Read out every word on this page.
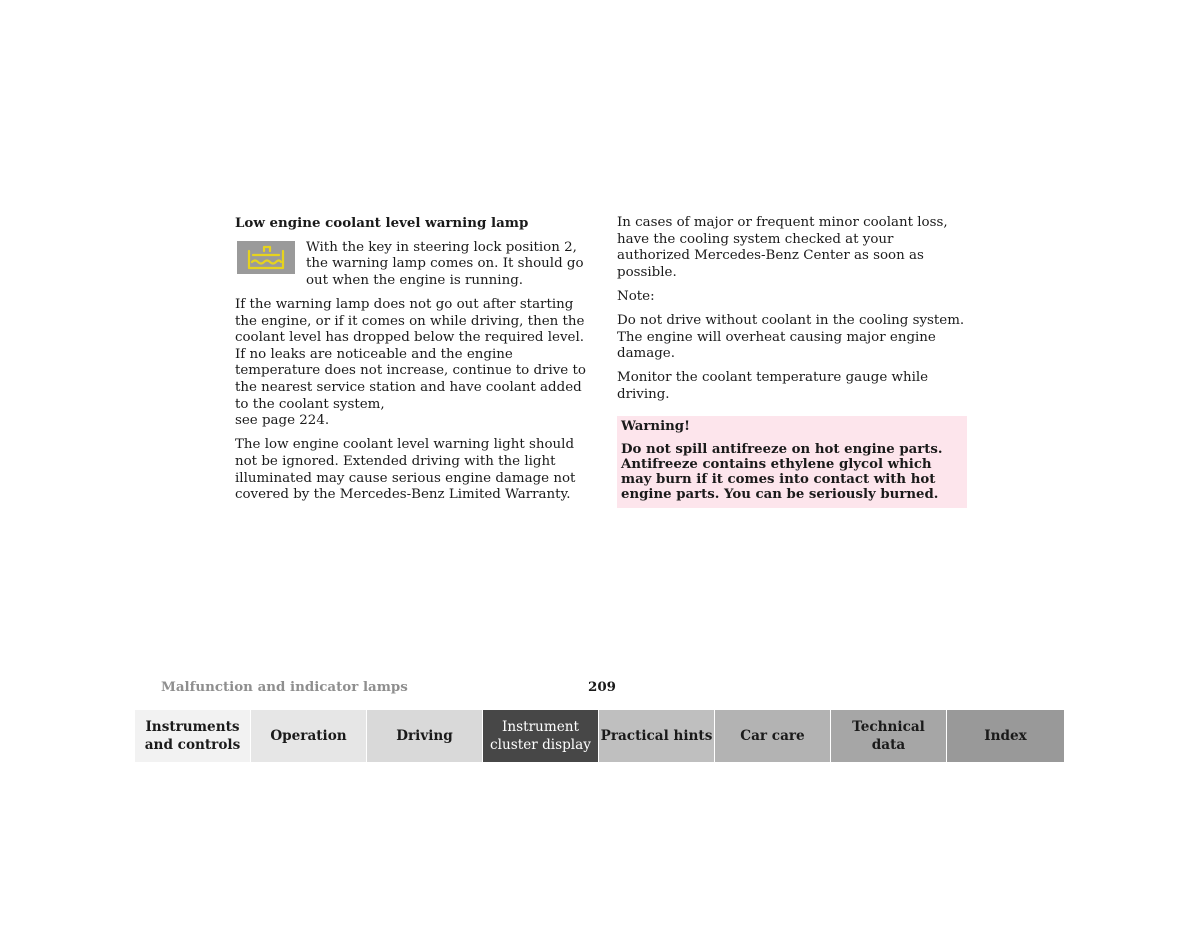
Low engine coolant level warning lamp

With the key in steering lock position 2, the warning lamp comes on. It should go out when the engine is running.

If the warning lamp does not go out after starting the engine, or if it comes on while driving, then the coolant level has dropped below the required level. If no leaks are noticeable and the engine temperature does not increase, continue to drive to the nearest service station and have coolant added to the coolant system,
see page 224.

The low engine coolant level warning light should not be ignored. Extended driving with the light illuminated may cause serious engine damage not covered by the Mercedes-Benz Limited Warranty.

In cases of major or frequent minor coolant loss, have the cooling system checked at your authorized Mercedes-Benz Center as soon as possible.

Note:

Do not drive without coolant in the cooling system. The engine will overheat causing major engine damage.

Monitor the coolant temperature gauge while driving.

Warning!
Do not spill antifreeze on hot engine parts. Antifreeze contains ethylene glycol which may burn if it comes into contact with hot engine parts. You can be seriously burned.
Malfunction and indicator lamps	209
Instruments
and controls
Operation	Driving
Instrument
cluster display
Practical hints	Car care
Technical
data
Index
